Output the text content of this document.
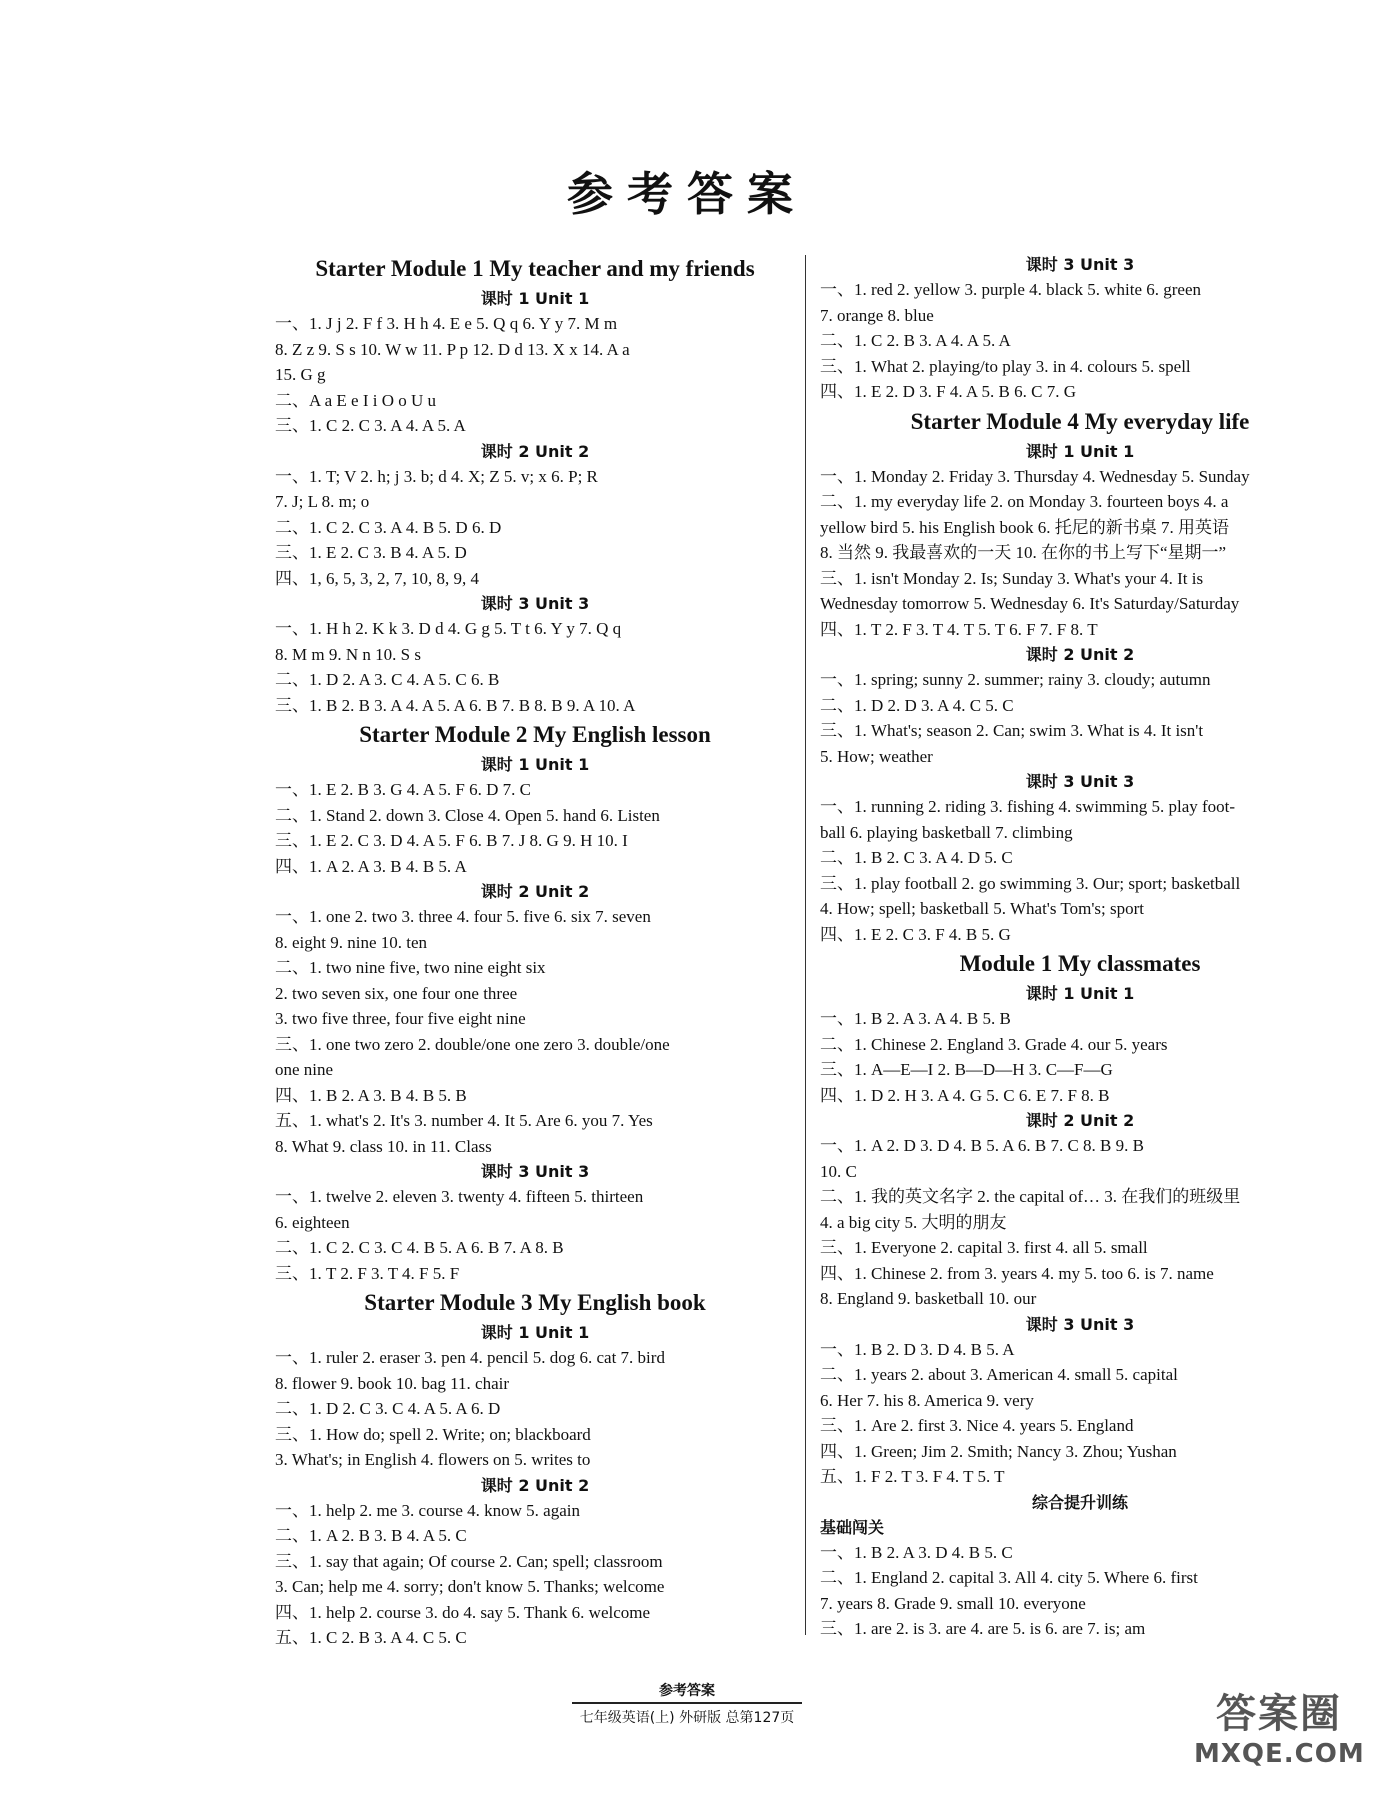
参考答案
Starter Module 1 My teacher and my friends
课时 1 Unit 1
一、1. J j 2. F f 3. H h 4. E e 5. Q q 6. Y y 7. M m
8. Z z 9. S s 10. W w 11. P p 12. D d 13. X x 14. A a
15. G g
二、A a E e I i O o U u
三、1. C 2. C 3. A 4. A 5. A
课时 2 Unit 2
一、1. T; V 2. h; j 3. b; d 4. X; Z 5. v; x 6. P; R
7. J; L 8. m; o
二、1. C 2. C 3. A 4. B 5. D 6. D
三、1. E 2. C 3. B 4. A 5. D
四、1, 6, 5, 3, 2, 7, 10, 8, 9, 4
课时 3 Unit 3
一、1. H h 2. K k 3. D d 4. G g 5. T t 6. Y y 7. Q q
8. M m 9. N n 10. S s
二、1. D 2. A 3. C 4. A 5. C 6. B
三、1. B 2. B 3. A 4. A 5. A 6. B 7. B 8. B 9. A 10. A
Starter Module 2 My English lesson
课时 1 Unit 1
一、1. E 2. B 3. G 4. A 5. F 6. D 7. C
二、1. Stand 2. down 3. Close 4. Open 5. hand 6. Listen
三、1. E 2. C 3. D 4. A 5. F 6. B 7. J 8. G 9. H 10. I
四、1. A 2. A 3. B 4. B 5. A
课时 2 Unit 2
一、1. one 2. two 3. three 4. four 5. five 6. six 7. seven
8. eight 9. nine 10. ten
二、1. two nine five, two nine eight six
2. two seven six, one four one three
3. two five three, four five eight nine
三、1. one two zero 2. double/one one zero 3. double/one
one nine
四、1. B 2. A 3. B 4. B 5. B
五、1. what's 2. It's 3. number 4. It 5. Are 6. you 7. Yes
8. What 9. class 10. in 11. Class
课时 3 Unit 3
一、1. twelve 2. eleven 3. twenty 4. fifteen 5. thirteen
6. eighteen
二、1. C 2. C 3. C 4. B 5. A 6. B 7. A 8. B
三、1. T 2. F 3. T 4. F 5. F
Starter Module 3 My English book
课时 1 Unit 1
一、1. ruler 2. eraser 3. pen 4. pencil 5. dog 6. cat 7. bird
8. flower 9. book 10. bag 11. chair
二、1. D 2. C 3. C 4. A 5. A 6. D
三、1. How do; spell 2. Write; on; blackboard
3. What's; in English 4. flowers on 5. writes to
课时 2 Unit 2
一、1. help 2. me 3. course 4. know 5. again
二、1. A 2. B 3. B 4. A 5. C
三、1. say that again; Of course 2. Can; spell; classroom
3. Can; help me 4. sorry; don't know 5. Thanks; welcome
四、1. help 2. course 3. do 4. say 5. Thank 6. welcome
五、1. C 2. B 3. A 4. C 5. C
课时 3 Unit 3
一、1. red 2. yellow 3. purple 4. black 5. white 6. green
7. orange 8. blue
二、1. C 2. B 3. A 4. A 5. A
三、1. What 2. playing/to play 3. in 4. colours 5. spell
四、1. E 2. D 3. F 4. A 5. B 6. C 7. G
Starter Module 4 My everyday life
课时 1 Unit 1
一、1. Monday 2. Friday 3. Thursday 4. Wednesday 5. Sunday
二、1. my everyday life 2. on Monday 3. fourteen boys 4. a
yellow bird 5. his English book 6. 托尼的新书桌 7. 用英语
8. 当然 9. 我最喜欢的一天 10. 在你的书上写下“星期一”
三、1. isn't Monday 2. Is; Sunday 3. What's your 4. It is
Wednesday tomorrow 5. Wednesday 6. It's Saturday/Saturday
四、1. T 2. F 3. T 4. T 5. T 6. F 7. F 8. T
课时 2 Unit 2
一、1. spring; sunny 2. summer; rainy 3. cloudy; autumn
二、1. D 2. D 3. A 4. C 5. C
三、1. What's; season 2. Can; swim 3. What is 4. It isn't
5. How; weather
课时 3 Unit 3
一、1. running 2. riding 3. fishing 4. swimming 5. play foot-
ball 6. playing basketball 7. climbing
二、1. B 2. C 3. A 4. D 5. C
三、1. play football 2. go swimming 3. Our; sport; basketball
4. How; spell; basketball 5. What's Tom's; sport
四、1. E 2. C 3. F 4. B 5. G
Module 1 My classmates
课时 1 Unit 1
一、1. B 2. A 3. A 4. B 5. B
二、1. Chinese 2. England 3. Grade 4. our 5. years
三、1. A—E—I 2. B—D—H 3. C—F—G
四、1. D 2. H 3. A 4. G 5. C 6. E 7. F 8. B
课时 2 Unit 2
一、1. A 2. D 3. D 4. B 5. A 6. B 7. C 8. B 9. B
10. C
二、1. 我的英文名字 2. the capital of… 3. 在我们的班级里
4. a big city 5. 大明的朋友
三、1. Everyone 2. capital 3. first 4. all 5. small
四、1. Chinese 2. from 3. years 4. my 5. too 6. is 7. name
8. England 9. basketball 10. our
课时 3 Unit 3
一、1. B 2. D 3. D 4. B 5. A
二、1. years 2. about 3. American 4. small 5. capital
6. Her 7. his 8. America 9. very
三、1. Are 2. first 3. Nice 4. years 5. England
四、1. Green; Jim 2. Smith; Nancy 3. Zhou; Yushan
五、1. F 2. T 3. F 4. T 5. T
综合提升训练
基础闯关
一、1. B 2. A 3. D 4. B 5. C
二、1. England 2. capital 3. All 4. city 5. Where 6. first
7. years 8. Grade 9. small 10. everyone
三、1. are 2. is 3. are 4. are 5. is 6. are 7. is; am
参考答案
七年级英语(上) 外研版 总第127页	答案圈
MXQE.COM
